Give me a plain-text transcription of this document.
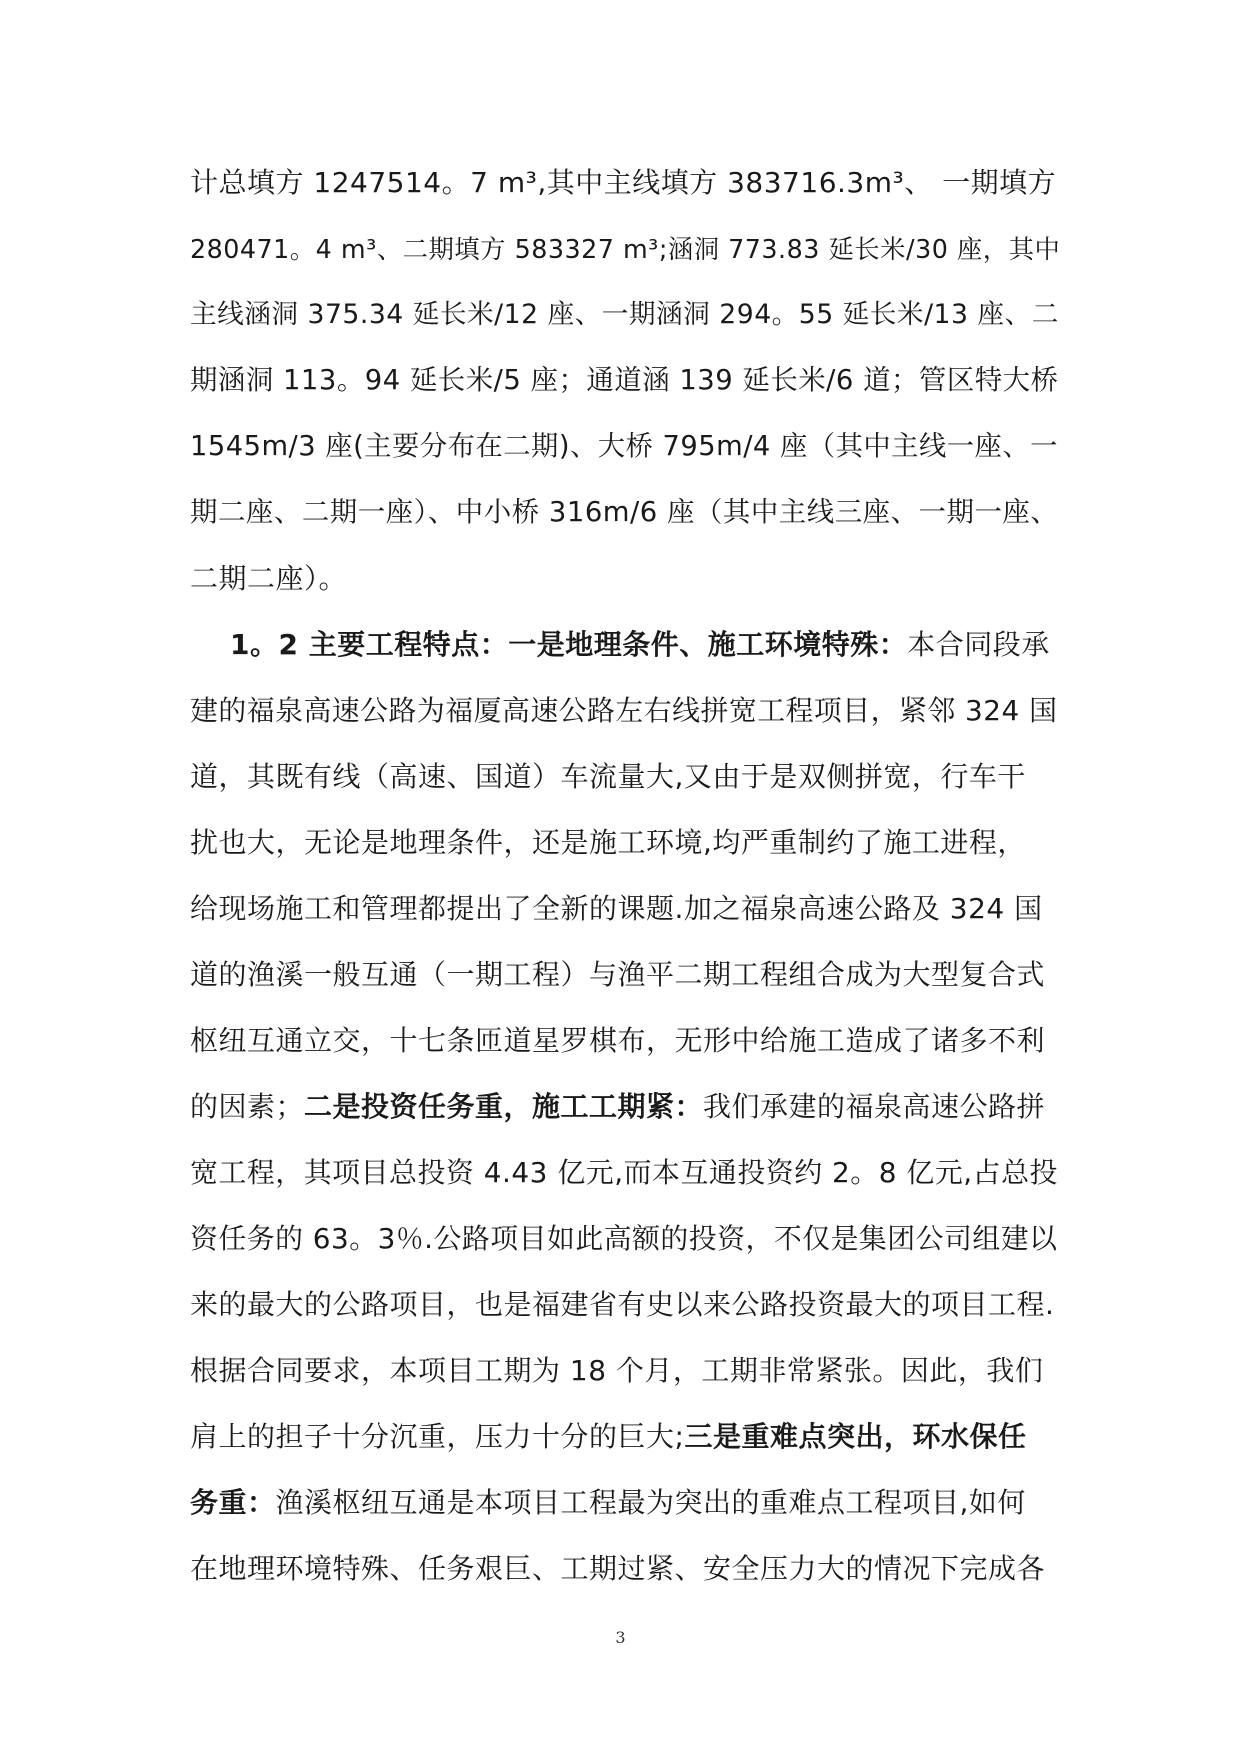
计总填方 1247514。7 m³,其中主线填方 383716.3m³、 一期填方
280471。4 m³、二期填方 583327 m³;涵洞 773.83 延长米/30 座，其中
主线涵洞 375.34 延长米/12 座、一期涵洞 294。55 延长米/13 座、二
期涵洞 113。94 延长米/5 座；通道涵 139 延长米/6 道；管区特大桥
1545m/3 座(主要分布在二期)、大桥 795m/4 座（其中主线一座、一
期二座、二期一座）、中小桥 316m/6 座（其中主线三座、一期一座、
二期二座）。
1。2 主要工程特点：一是地理条件、施工环境特殊：本合同段承
建的福泉高速公路为福厦高速公路左右线拼宽工程项目，紧邻 324 国
道，其既有线（高速、国道）车流量大,又由于是双侧拼宽，行车干
扰也大，无论是地理条件，还是施工环境,均严重制约了施工进程，
给现场施工和管理都提出了全新的课题.加之福泉高速公路及 324 国
道的渔溪一般互通（一期工程）与渔平二期工程组合成为大型复合式
枢纽互通立交，十七条匝道星罗棋布，无形中给施工造成了诸多不利
的因素；二是投资任务重，施工工期紧：我们承建的福泉高速公路拼
宽工程，其项目总投资 4.43 亿元,而本互通投资约 2。8 亿元,占总投
资任务的 63。3％.公路项目如此高额的投资，不仅是集团公司组建以
来的最大的公路项目，也是福建省有史以来公路投资最大的项目工程.
根据合同要求，本项目工期为 18 个月，工期非常紧张。因此，我们
肩上的担子十分沉重，压力十分的巨大;三是重难点突出，环水保任
务重：渔溪枢纽互通是本项目工程最为突出的重难点工程项目,如何
在地理环境特殊、任务艰巨、工期过紧、安全压力大的情况下完成各
3
